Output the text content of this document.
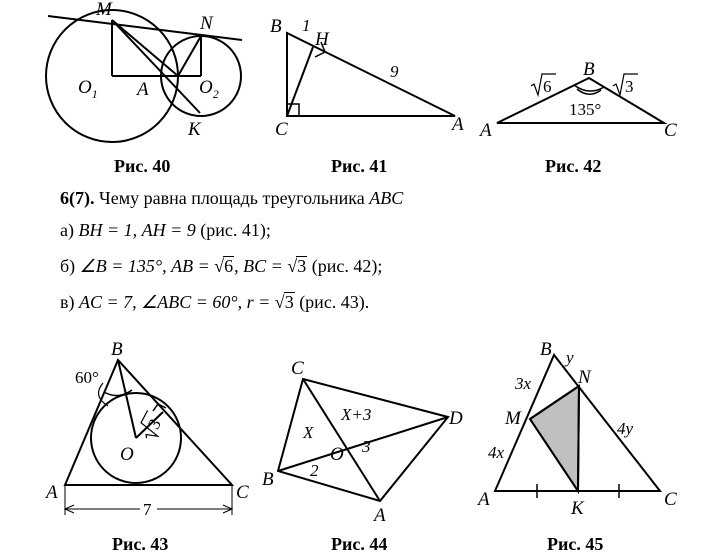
M
N
$O_1$ A	$O_2$
K
Рис. 40
B 1
H
9
C	A
Рис. 41
B
6	3
135°
A	C
Рис. 42
B
60°
3
O
A	C
7
Рис. 43
C
D
B
A
O
X
X+3
2
3
Рис. 44
B y
N
3x
M	4y
4x
A	K	C
Рис. 45
6(7). Чему равна площадь треугольника ABC
а) BH = 1, AH = 9 (рис. 41);
б) ∠B = 135°, AB = √6, BC = √3 (рис. 42);
в) AC = 7, ∠ABC = 60°, r = √3 (рис. 43).
